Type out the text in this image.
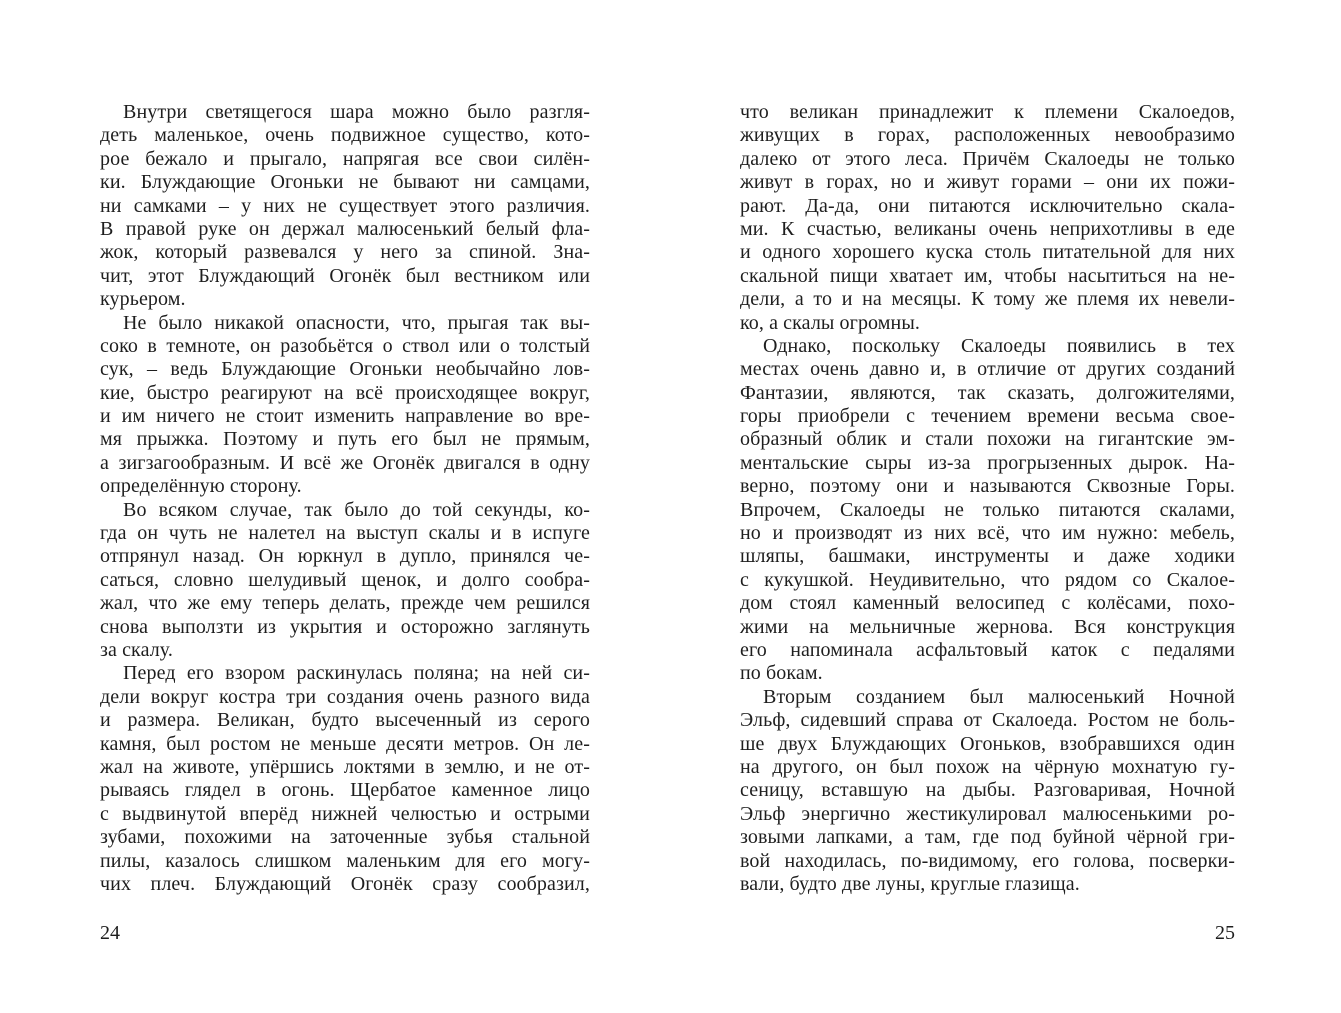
Внутри светящегося шара можно было разгля-
деть маленькое, очень подвижное существо, кото-
рое бежало и прыгало, напрягая все свои силён-
ки. Блуждающие Огоньки не бывают ни самцами,
ни самками – у них не существует этого различия.
В правой руке он держал малюсенький белый фла-
жок, который развевался у него за спиной. Зна-
чит, этот Блуждающий Огонёк был вестником или
курьером.
Не было никакой опасности, что, прыгая так вы-
соко в темноте, он разобьётся о ствол или о толстый
сук, – ведь Блуждающие Огоньки необычайно лов-
кие, быстро реагируют на всё происходящее вокруг,
и им ничего не стоит изменить направление во вре-
мя прыжка. Поэтому и путь его был не прямым,
а зигзагообразным. И всё же Огонёк двигался в одну
определённую сторону.
Во всяком случае, так было до той секунды, ко-
гда он чуть не налетел на выступ скалы и в испуге
отпрянул назад. Он юркнул в дупло, принялся че-
саться, словно шелудивый щенок, и долго сообра-
жал, что же ему теперь делать, прежде чем решился
снова выползти из укрытия и осторожно заглянуть
за скалу.
Перед его взором раскинулась поляна; на ней си-
дели вокруг костра три создания очень разного вида
и размера. Великан, будто высеченный из серого
камня, был ростом не меньше десяти метров. Он ле-
жал на животе, упёршись локтями в землю, и не от-
рываясь глядел в огонь. Щербатое каменное лицо
с выдвинутой вперёд нижней челюстью и острыми
зубами, похожими на заточенные зубья стальной
пилы, казалось слишком маленьким для его могу-
чих плеч. Блуждающий Огонёк сразу сообразил,
что великан принадлежит к племени Скалоедов,
живущих в горах, расположенных невообразимо
далеко от этого леса. Причём Скалоеды не только
живут в горах, но и живут горами – они их пожи-
рают. Да-да, они питаются исключительно скала-
ми. К счастью, великаны очень неприхотливы в еде
и одного хорошего куска столь питательной для них
скальной пищи хватает им, чтобы насытиться на не-
дели, а то и на месяцы. К тому же племя их невели-
ко, а скалы огромны.
Однако, поскольку Скалоеды появились в тех
местах очень давно и, в отличие от других созданий
Фантазии, являются, так сказать, долгожителями,
горы приобрели с течением времени весьма свое-
образный облик и стали похожи на гигантские эм-
ментальские сыры из-за прогрызенных дырок. На-
верно, поэтому они и называются Сквозные Горы.
Впрочем, Скалоеды не только питаются скалами,
но и производят из них всё, что им нужно: мебель,
шляпы, башмаки, инструменты и даже ходики
с кукушкой. Неудивительно, что рядом со Скалое-
дом стоял каменный велосипед с колёсами, похо-
жими на мельничные жернова. Вся конструкция
его напоминала асфальтовый каток с педалями
по бокам.
Вторым созданием был малюсенький Ночной
Эльф, сидевший справа от Скалоеда. Ростом не боль-
ше двух Блуждающих Огоньков, взобравшихся один
на другого, он был похож на чёрную мохнатую гу-
сеницу, вставшую на дыбы. Разговаривая, Ночной
Эльф энергично жестикулировал малюсенькими ро-
зовыми лапками, а там, где под буйной чёрной гри-
вой находилась, по-видимому, его голова, посверки-
вали, будто две луны, круглые глазища.
24	25
